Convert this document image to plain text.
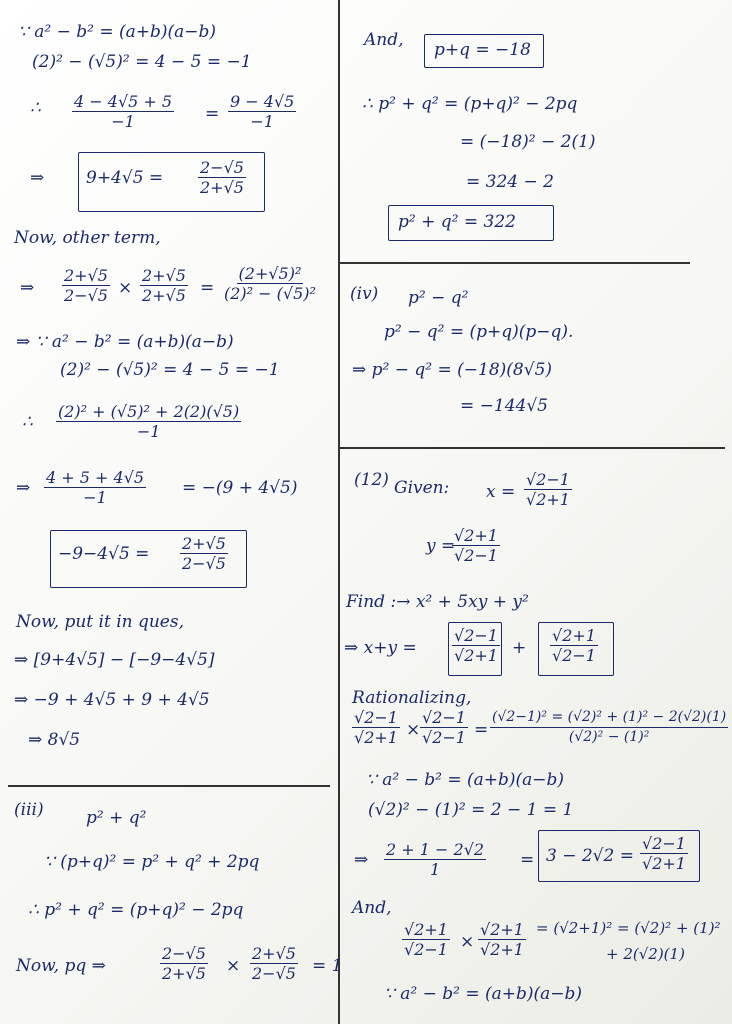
∵ a² − b² = (a+b)(a−b)
(2)² − (√5)² = 4 − 5 = −1
∴ $\frac{4 - 4√5 + 5}{-1} = \frac{9 - 4√5}{-1}$
⇒ $9+4√5 = \frac{2-√5}{2+√5}$
Now, other term,
⇒ $\frac{2+√5}{2-√5} \times \frac{2+√5}{2+√5} = \frac{\text{(2+√5)²}}{\text{(2)² − (√5)²}}$
⇒ ∵ a² − b² = (a+b)(a−b)
(2)² − (√5)² = 4 − 5 = −1
∴ $\frac{\text{(2)² + (√5)² + 2(2)(√5)}}{-1}$
⇒ $\frac{4 + 5 + 4√5}{-1} = -(9 + 4√5)$
$-9-4√5 = \frac{2+√5}{2-√5}$
Now, put it in ques,
⇒ [9+4√5] − [−9−4√5]
⇒ −9 + 4√5 + 9 + 4√5
⇒ 8√5
(iii) p² + q²
∵ (p+q)² = p² + q² + 2pq
∴ p² + q² = (p+q)² − 2pq
Now, pq ⇒	$\frac{2-√5}{2+√5} \times \frac{2+√5}{2-√5} = 1$
And, p+q = −18
∴ p² + q² = (p+q)² − 2pq
= (−18)² − 2(1)
= 324 − 2
p² + q² = 322
(iv) p² − q²
p² − q² = (p+q)(p−q).
⇒ p² − q² = (−18)(8√5)
= −144√5
(12) Given: $x = \frac{√2-1}{√2+1}$
y =
$\frac{√2+1}{√2-1}$
Find :→ x² + 5xy + y²
⇒ $x+y = \frac{√2-1}{√2+1} + \frac{√2+1}{√2-1}$
Rationalizing,
$\frac{√2-1}{√2+1} \times \frac{√2-1}{√2-1} = \frac{\text{(√2−1)² = (√2)² + (1)² − 2(√2)(1)}}{\text{(√2)² − (1)²}}$
∵ a² − b² = (a+b)(a−b)
(√2)² − (1)² = 2 − 1 = 1
⇒ $\frac{2 + 1 - 2√2}{1} = 3 - 2√2 = \frac{√2-1}{√2+1}$
And,
$\frac{√2+1}{√2-1} \times \frac{√2+1}{√2+1} = (√2+1)^2 = (√2)^2 + (1)^2$
+ 2(√2)(1)
∵ a² − b² = (a+b)(a−b)
